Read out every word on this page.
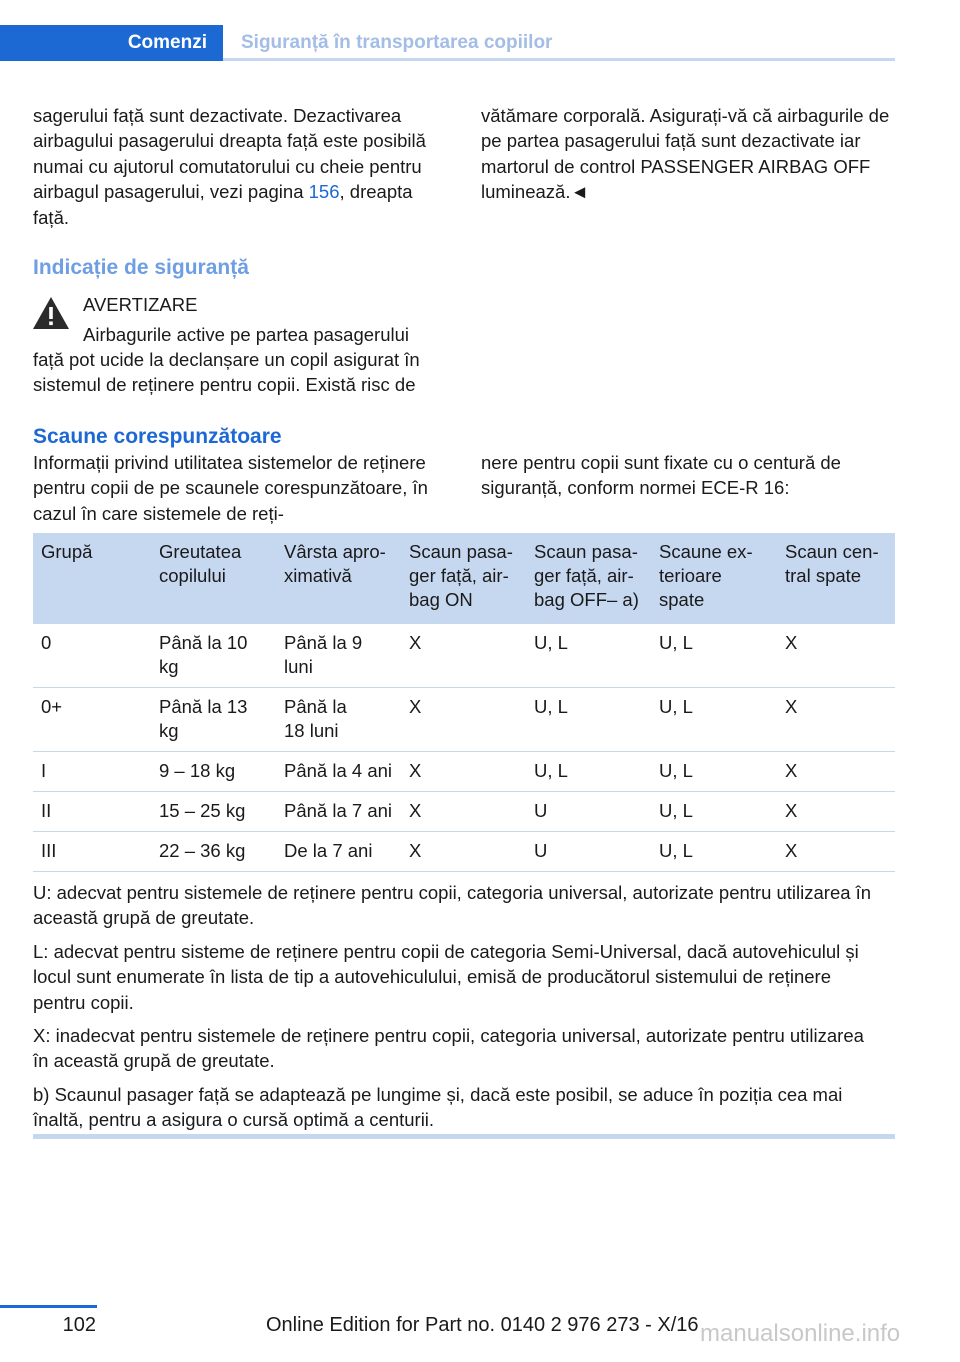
Comenzi	Siguranță în transportarea copiilor

sagerului față sunt dezactivate. Dezactivarea airbagului pasagerului dreapta față este posibilă numai cu ajutorul comutatorului cu cheie pentru airbagul pasagerului, vezi pagina 156, dreapta față.

vătămare corporală. Asigurați-vă că airbagurile de pe partea pasagerului față sunt dezactivate iar martorul de control PASSENGER AIRBAG OFF luminează.◄

Indicație de siguranță
AVERTIZARE
Airbagurile active pe partea pasagerului

față pot ucide la declanșare un copil asigurat în sistemul de reținere pentru copii. Există risc de

Scaune corespunzătoare

Informații privind utilitatea sistemelor de reținere pentru copii de pe scaunele corespunzătoare, în cazul în care sistemele de reți-

nere pentru copii sunt fixate cu o centură de siguranță, conform normei ECE-R 16:

Grupă	Greutatea copilului	Vârsta aproximativă	Scaun pasager față, airbag ON	Scaun pasager față, airbag OFF– a)	Scaune exterioare spate	Scaun central spate
0	Până la 10 kg	Până la 9 luni	X	U, L	U, L	X
0+	Până la 13 kg	Până la 18 luni	X	U, L	U, L	X
I	9 – 18 kg	Până la 4 ani	X	U, L	U, L	X
II	15 – 25 kg	Până la 7 ani	X	U	U, L	X
III	22 – 36 kg	De la 7 ani	X	U	U, L	X

U: adecvat pentru sistemele de reținere pentru copii, categoria universal, autorizate pentru utilizarea în această grupă de greutate.

L: adecvat pentru sisteme de reținere pentru copii de categoria Semi-Universal, dacă autovehiculul și locul sunt enumerate în lista de tip a autovehiculului, emisă de producătorul sistemului de reținere pentru copii.

X: inadecvat pentru sistemele de reținere pentru copii, categoria universal, autorizate pentru utilizarea în această grupă de greutate.

b) Scaunul pasager față se adaptează pe lungime și, dacă este posibil, se aduce în poziția cea mai înaltă, pentru a asigura o cursă optimă a centurii.

102	Online Edition for Part no. 0140 2 976 273 - X/16 manualsonline.info
